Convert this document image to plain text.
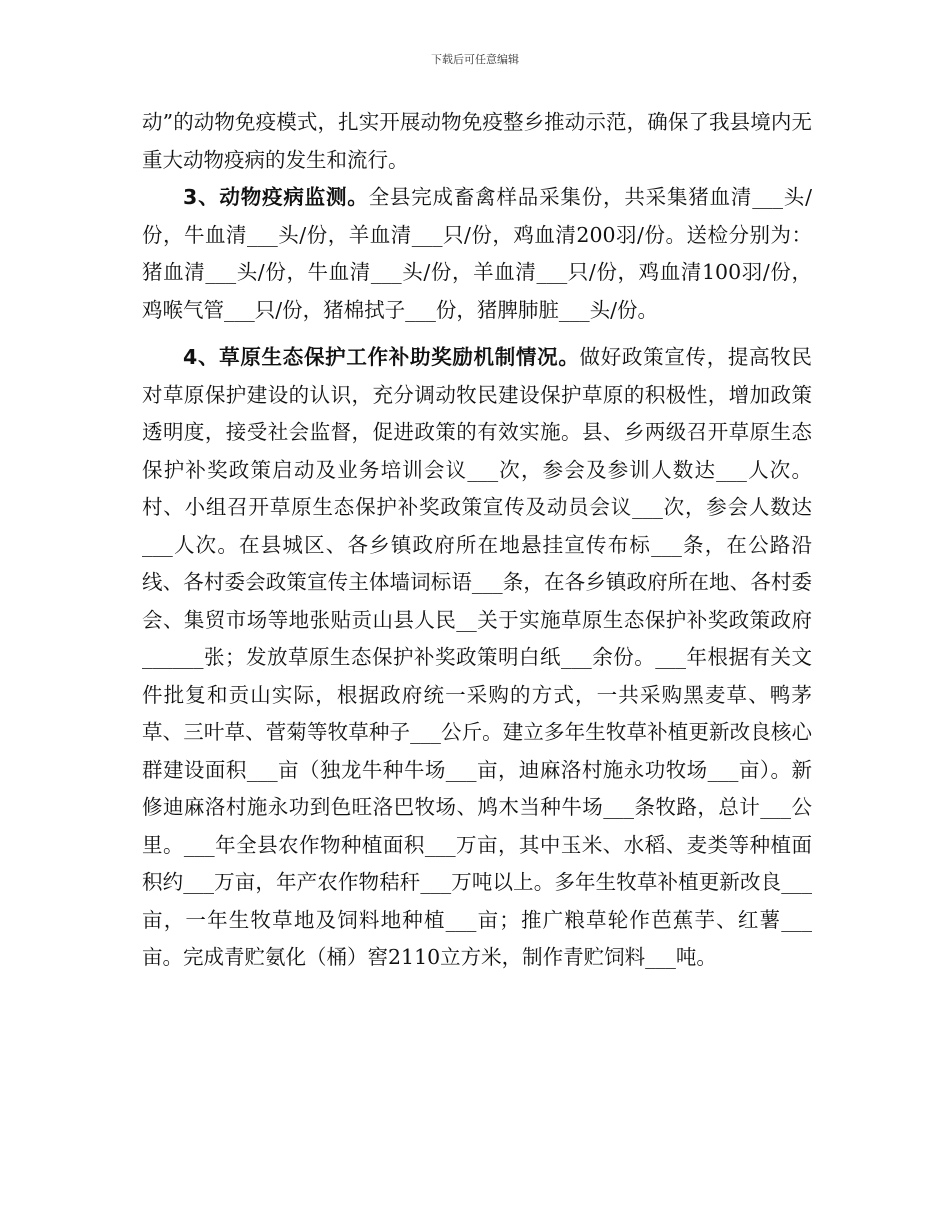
下载后可任意编辑

动”的动物免疫模式，扎实开展动物免疫整乡推动示范，确保了我县境内无重大动物疫病的发生和流行。

3、动物疫病监测。全县完成畜禽样品采集份，共采集猪血清___头/份，牛血清___头/份，羊血清___只/份，鸡血清200羽/份。送检分别为：猪血清___头/份，牛血清___头/份，羊血清___只/份，鸡血清100羽/份，鸡喉气管___只/份，猪棉拭子___份，猪脾肺脏___头/份。

4、草原生态保护工作补助奖励机制情况。做好政策宣传，提高牧民对草原保护建设的认识，充分调动牧民建设保护草原的积极性，增加政策透明度，接受社会监督，促进政策的有效实施。县、乡两级召开草原生态保护补奖政策启动及业务培训会议___次，参会及参训人数达___人次。村、小组召开草原生态保护补奖政策宣传及动员会议___次，参会人数达___人次。在县城区、各乡镇政府所在地悬挂宣传布标___条，在公路沿线、各村委会政策宣传主体墙词标语___条，在各乡镇政府所在地、各村委会、集贸市场等地张贴贡山县人民__关于实施草原生态保护补奖政策政府______张；发放草原生态保护补奖政策明白纸___余份。___年根据有关文件批复和贡山实际，根据政府统一采购的方式，一共采购黑麦草、鸭茅草、三叶草、菅菊等牧草种子___公斤。建立多年生牧草补植更新改良核心群建设面积___亩（独龙牛种牛场___亩，迪麻洛村施永功牧场___亩）。新修迪麻洛村施永功到色旺洛巴牧场、鸠木当种牛场___条牧路，总计___公里。___年全县农作物种植面积___万亩，其中玉米、水稻、麦类等种植面积约___万亩，年产农作物秸秆___万吨以上。多年生牧草补植更新改良___亩，一年生牧草地及饲料地种植___亩；推广粮草轮作芭蕉芋、红薯___亩。完成青贮氨化（桶）窖2110立方米，制作青贮饲料___吨。
